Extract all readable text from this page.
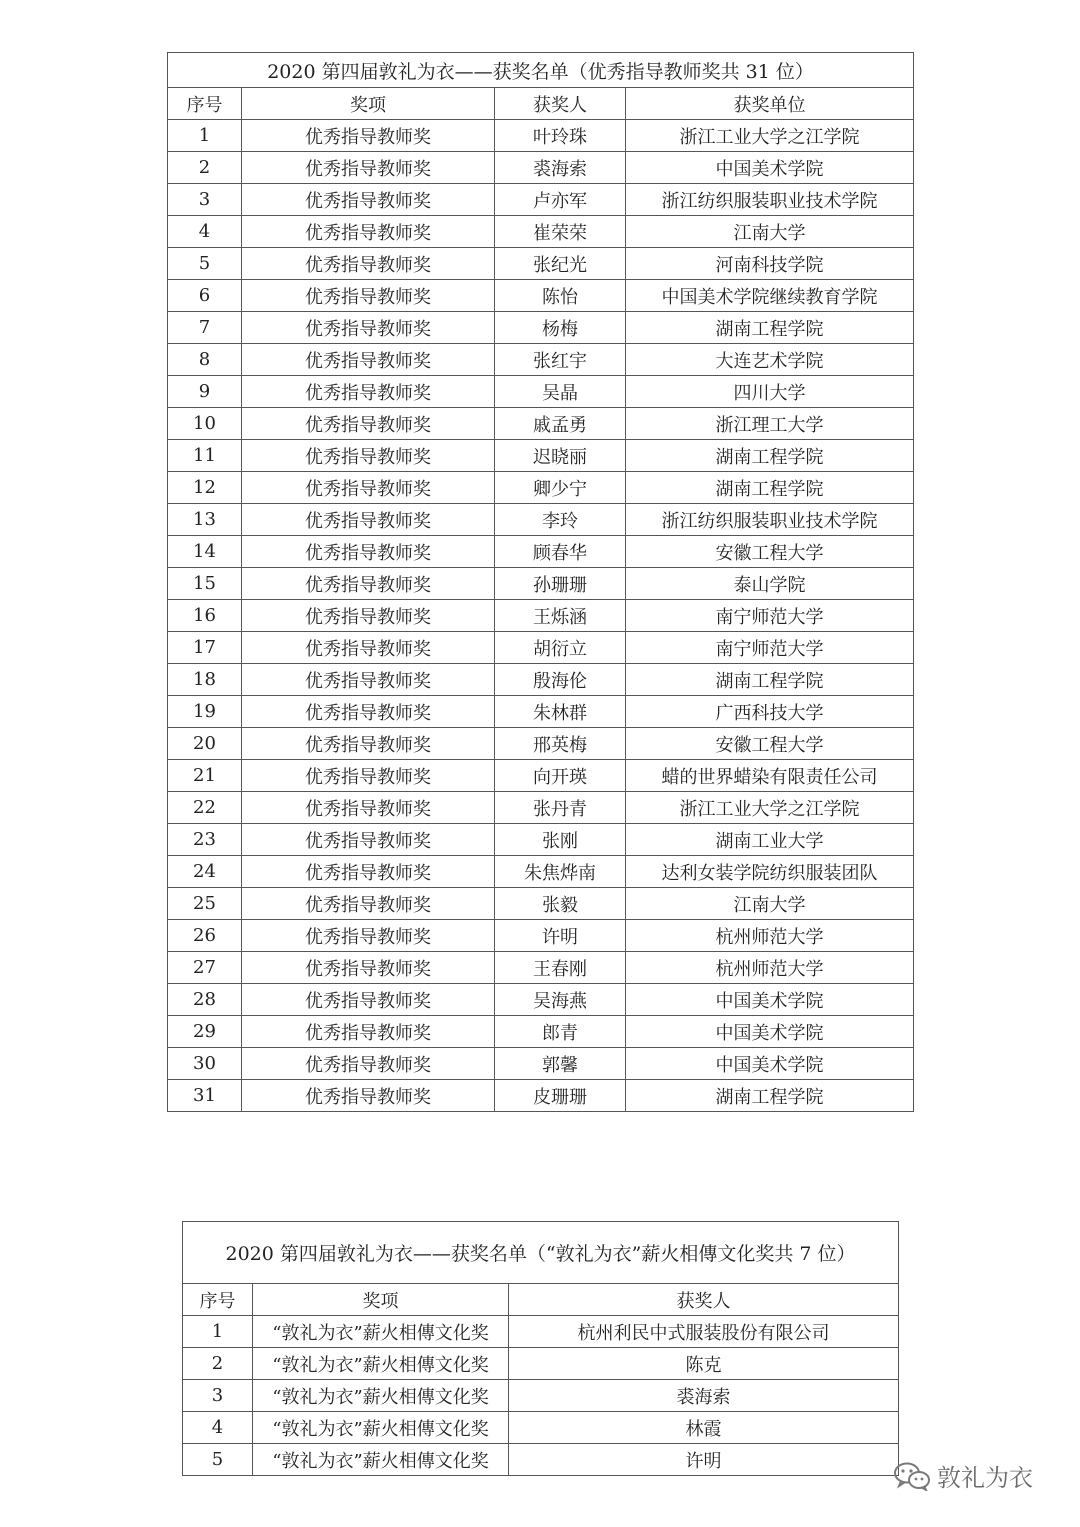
2020 第四届敦礼为衣——获奖名单（优秀指导教师奖共 31 位）			
序号	奖项	获奖人	获奖单位
1	优秀指导教师奖	叶玲珠	浙江工业大学之江学院
2	优秀指导教师奖	裘海索	中国美术学院
3	优秀指导教师奖	卢亦军	浙江纺织服装职业技术学院
4	优秀指导教师奖	崔荣荣	江南大学
5	优秀指导教师奖	张纪光	河南科技学院
6	优秀指导教师奖	陈怡	中国美术学院继续教育学院
7	优秀指导教师奖	杨梅	湖南工程学院
8	优秀指导教师奖	张红宇	大连艺术学院
9	优秀指导教师奖	吴晶	四川大学
10	优秀指导教师奖	戚孟勇	浙江理工大学
11	优秀指导教师奖	迟晓丽	湖南工程学院
12	优秀指导教师奖	卿少宁	湖南工程学院
13	优秀指导教师奖	李玲	浙江纺织服装职业技术学院
14	优秀指导教师奖	顾春华	安徽工程大学
15	优秀指导教师奖	孙珊珊	泰山学院
16	优秀指导教师奖	王烁涵	南宁师范大学
17	优秀指导教师奖	胡衍立	南宁师范大学
18	优秀指导教师奖	殷海伦	湖南工程学院
19	优秀指导教师奖	朱林群	广西科技大学
20	优秀指导教师奖	邢英梅	安徽工程大学
21	优秀指导教师奖	向开瑛	蜡的世界蜡染有限责任公司
22	优秀指导教师奖	张丹青	浙江工业大学之江学院
23	优秀指导教师奖	张刚	湖南工业大学
24	优秀指导教师奖	朱焦烨南	达利女装学院纺织服装团队
25	优秀指导教师奖	张毅	江南大学
26	优秀指导教师奖	许明	杭州师范大学
27	优秀指导教师奖	王春刚	杭州师范大学
28	优秀指导教师奖	吴海燕	中国美术学院
29	优秀指导教师奖	郎青	中国美术学院
30	优秀指导教师奖	郭馨	中国美术学院
31	优秀指导教师奖	皮珊珊	湖南工程学院
2020 第四届敦礼为衣——获奖名单（“敦礼为衣”薪火相傳文化奖共 7 位）		
序号	奖项	获奖人
1	“敦礼为衣”薪火相傳文化奖	杭州利民中式服装股份有限公司
2	“敦礼为衣”薪火相傳文化奖	陈克
3	“敦礼为衣”薪火相傳文化奖	裘海索
4	“敦礼为衣”薪火相傳文化奖	林霞
5	“敦礼为衣”薪火相傳文化奖	许明
敦礼为衣
